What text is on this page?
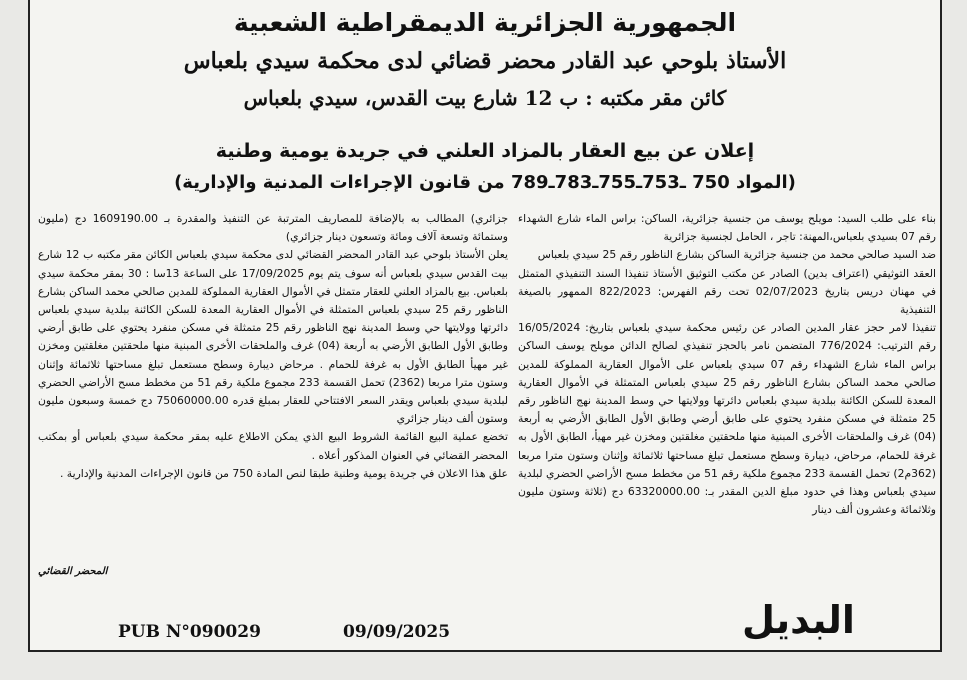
الجمهورية الجزائرية الديمقراطية الشعبية
الأستاذ بلوحي عبد القادر محضر قضائي لدى محكمة سيدي بلعباس
كائن مقر مكتبه : ب 12 شارع بيت القدس، سيدي بلعباس
إعلان عن بيع العقار بالمزاد العلني في جريدة يومية وطنية
(المواد 750 ـ753ـ755ـ783ـ789 من قانون الإجراءات المدنية والإدارية)

بناء على طلب السيد: مويلح يوسف من جنسية جزائرية، الساكن: براس الماء شارع الشهداء رقم 07 بسيدي بلعباس،المهنة: تاجر ، الحامل لجنسية جزائرية

ضد السيد صالحي محمد من جنسية جزائرية الساكن بشارع الناظور رقم 25 سيدي بلعباس

العقد التوثيقي (اعتراف بدين) الصادر عن مكتب التوثيق الأستاذ تنفيذا السند التنفيذي المتمثل في مهنان دريس بتاريخ 02/07/2023 تحت رقم الفهرس: 822/2023 الممهور بالصيغة التنفيذية

تنفيذا لامر حجز عقار المدين الصادر عن رئيس محكمة سيدي بلعباس بتاريخ: 16/05/2024 رقم الترتيب: 776/2024 المتضمن نامر بالحجز تنفيذي لصالح الدائن مويلح يوسف الساكن براس الماء شارع الشهداء رقم 07 سيدي بلعباس على الأموال العقارية المملوكة للمدين صالحي محمد الساكن بشارع الناظور رقم 25 سيدي بلعباس المتمثلة في الأموال العقارية المعدة للسكن الكائنة ببلدية سيدي بلعباس دائرتها وولايتها حي وسط المدينة نهج الناظور رقم 25 متمثلة في مسكن منفرد يحتوي على طابق أرضي وطابق الأول الطابق الأرضي به أربعة (04) غرف والملحقات الأخرى المبنية منها ملحقتين مغلقتين ومخزن غير مهيأ، الطابق الأول به غرفة للحمام، مرحاض، ديبارة وسطح مستعمل تبلغ مساحتها ثلاثمائة وإثنان وستون مترا مربعا (362م2) تحمل القسمة 233 مجموع ملكية رقم 51 من مخطط مسح الأراضي الحضري لبلدية سيدي بلعباس وهذا في حدود مبلغ الدين المقدر بـ: 63320000.00 دج (ثلاثة وستون مليون وثلاثمائة وعشرون ألف دينار

جزائري) المطالب به بالإضافة للمصاريف المترتبة عن التنفيذ والمقدرة بـ 1609190.00 دج (مليون وستمائة وتسعة آلاف ومائة وتسعون دينار جزائري)

يعلن الأستاذ بلوحي عبد القادر المحضر القضائي لدى محكمة سيدي بلعباس الكائن مقر مكتبه ب 12 شارع بيت القدس سيدي بلعباس أنه سوف يتم يوم 17/09/2025 على الساعة 13سا : 30 بمقر محكمة سيدي بلعباس. بيع بالمزاد العلني للعقار متمثل في الأموال العقارية المملوكة للمدين صالحي محمد الساكن بشارع الناظور رقم 25 سيدي بلعباس المتمثلة في الأموال العقارية المعدة للسكن الكائنة ببلدية سيدي بلعباس دائرتها وولايتها حي وسط المدينة نهج الناظور رقم 25 متمثلة في مسكن منفرد يحتوي على طابق أرضي وطابق الأول الطابق الأرضي به أربعة (04) غرف والملحقات الأخرى المبنية منها ملحقتين مغلقتين ومخزن غير مهيأ الطابق الأول به غرفة للحمام . مرحاض ديبارة وسطح مستعمل تبلغ مساحتها ثلاثمائة وإثنان وستون مترا مربعا (2362) تحمل القسمة 233 مجموع ملكية رقم 51 من مخطط مسح الأراضي الحضري لبلدية سيدي بلعباس ويقدر السعر الافتتاحي للعقار بمبلغ قدره 75060000.00 دج خمسة وسبعون مليون وستون ألف دينار جزائري

تخضع عملية البيع القائمة الشروط البيع الذي يمكن الاطلاع عليه بمقر محكمة سيدي بلعباس أو بمكتب المحضر القضائي في العنوان المذكور أعلاه .

علق هذا الاعلان في جريدة يومية وطنية طبقا لنص المادة 750 من قانون الإجراءات المدنية والإدارية .

المحضر القضائي
PUB N°090029	09/09/2025	البديل
